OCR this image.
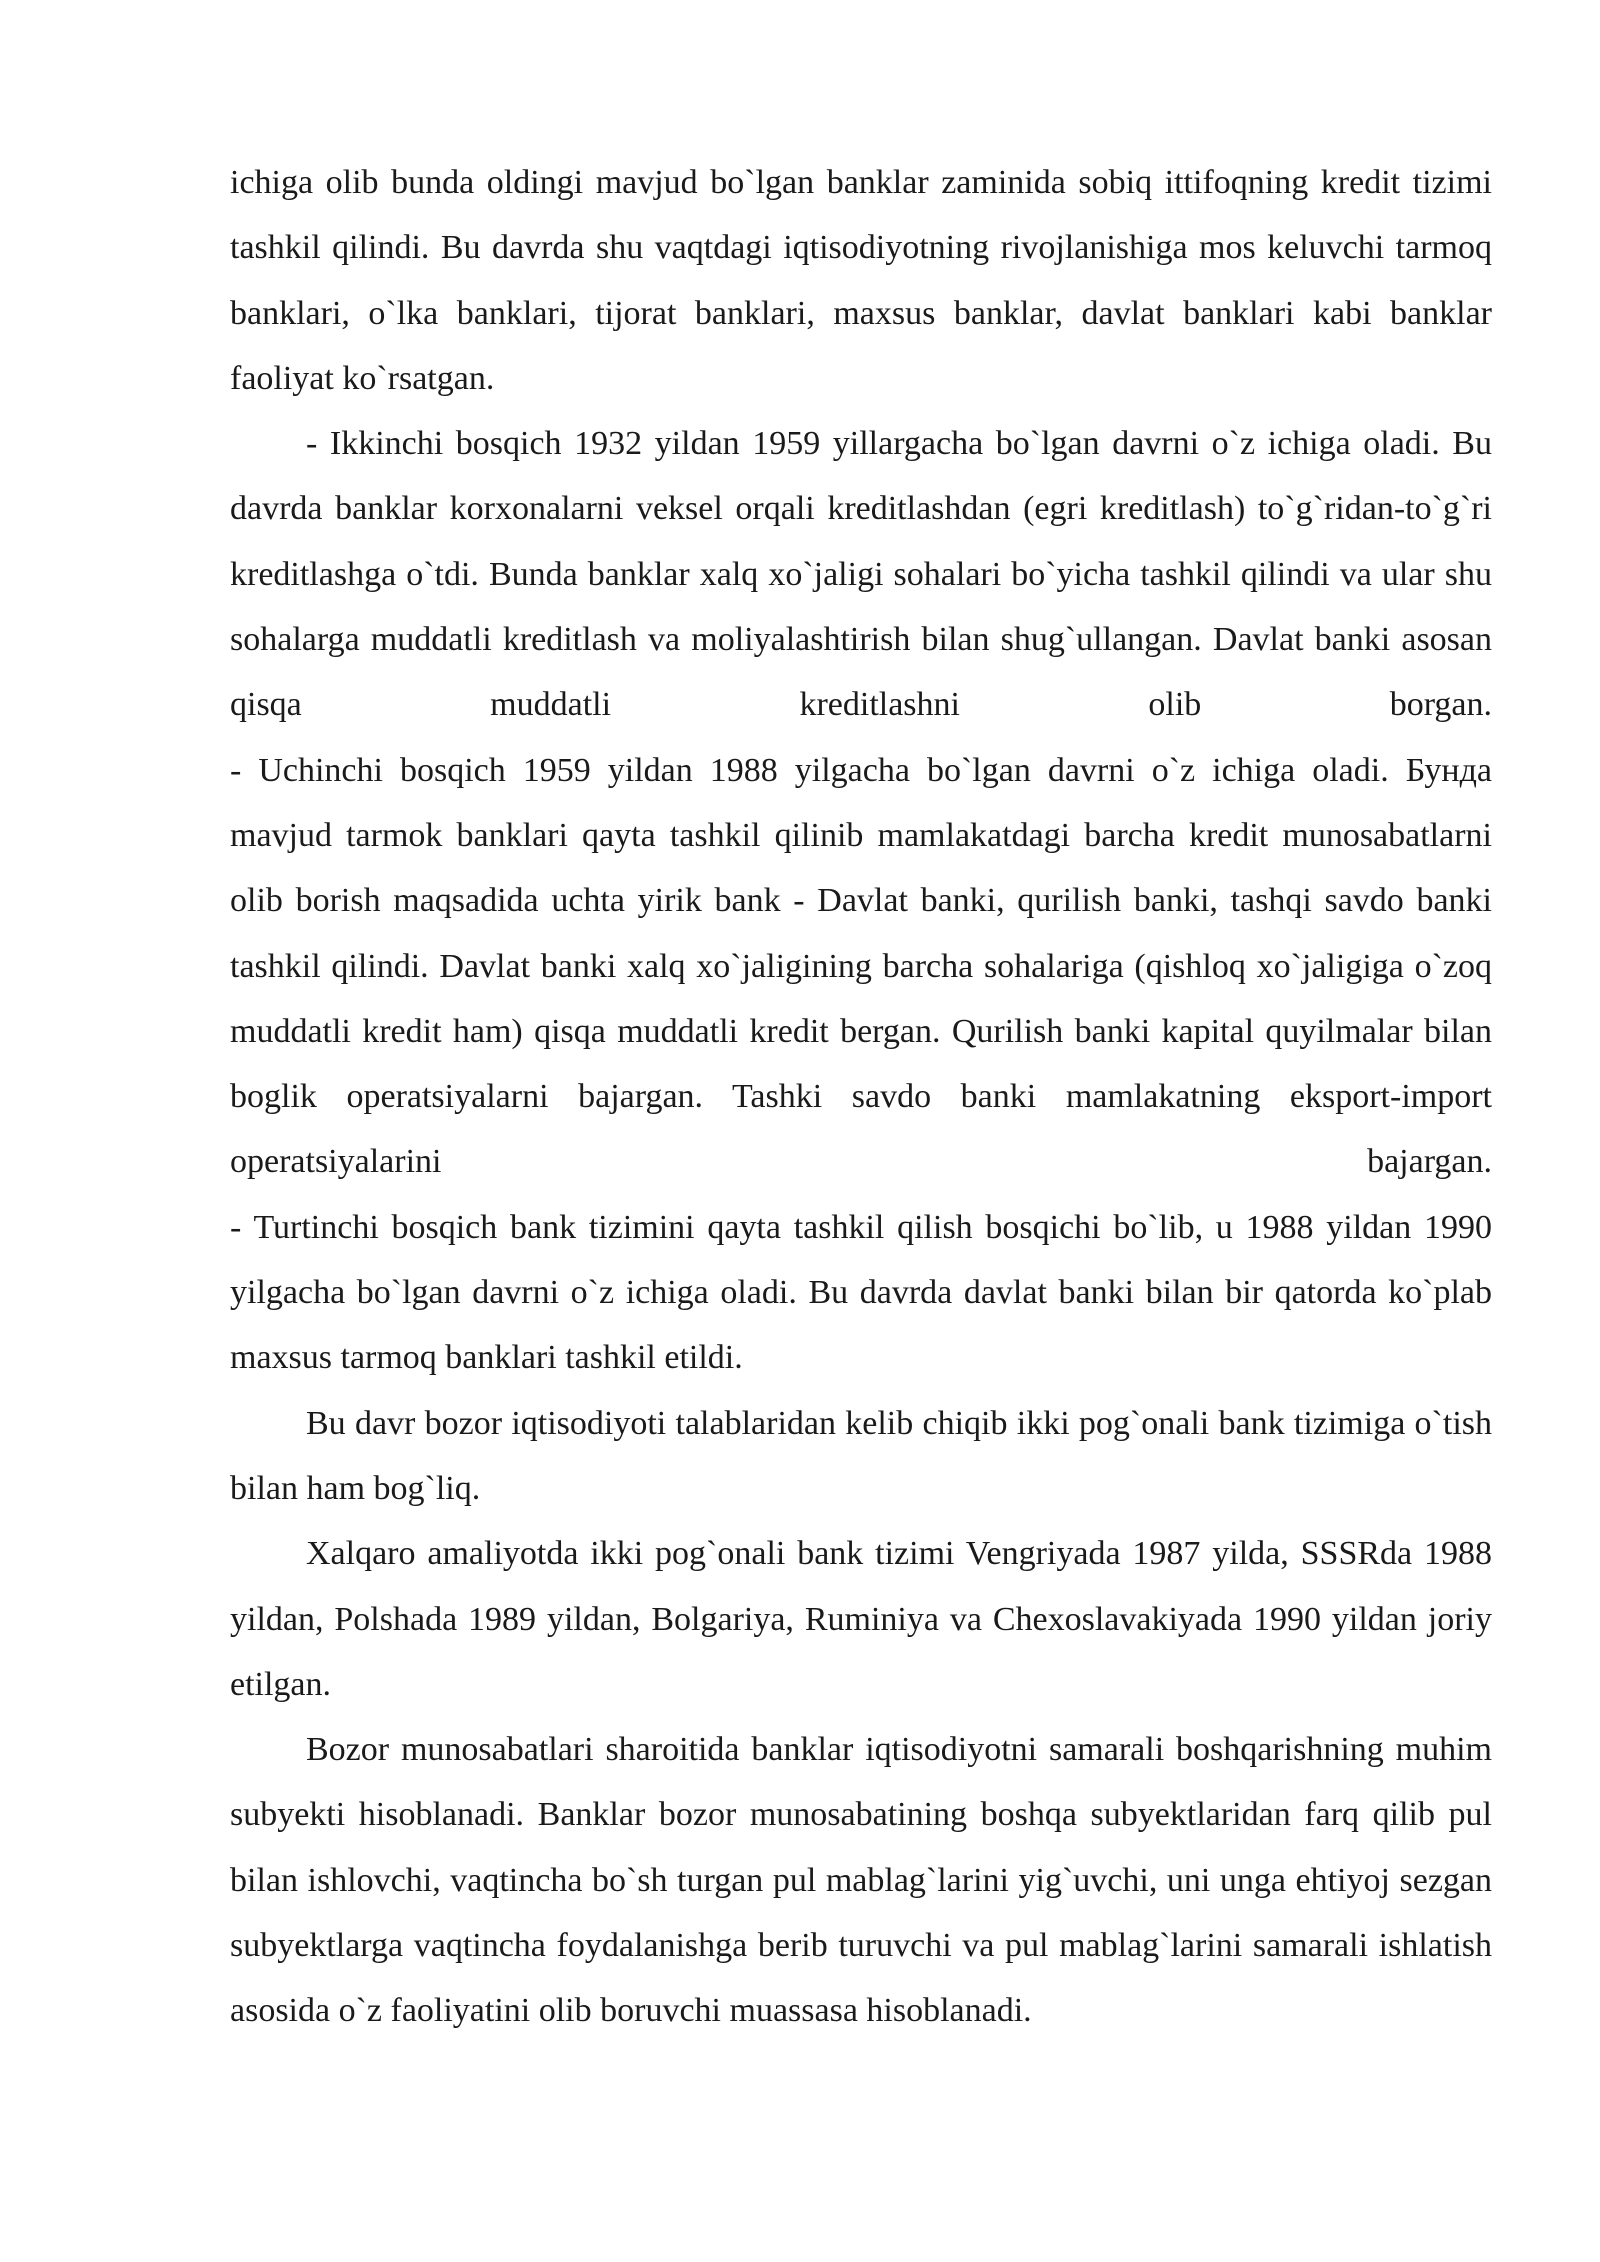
ichiga olib bunda oldingi mavjud bo`lgan banklar zaminida sobiq ittifoqning kredit tizimi tashkil qilindi. Bu davrda shu vaqtdagi iqtisodiyotning rivojlanishiga mos keluvchi tarmoq banklari, o`lka banklari, tijorat banklari, maxsus banklar, davlat banklari kabi banklar faoliyat ko`rsatgan.

- Ikkinchi bosqich 1932 yildan 1959 yillargacha bo`lgan davrni o`z ichiga oladi. Bu davrda banklar korxonalarni veksel orqali kreditlashdan (egri kreditlash) to`g`ridan-to`g`ri kreditlashga o`tdi. Bunda banklar xalq xo`jaligi sohalari bo`yicha tashkil qilindi va ular shu sohalarga muddatli kreditlash va moliyalashtirish bilan shug`ullangan. Davlat banki asosan qisqa muddatli kreditlashni olib borgan.

- Uchinchi bosqich 1959 yildan 1988 yilgacha bo`lgan davrni o`z ichiga oladi. Бунда mavjud tarmok banklari qayta tashkil qilinib mamlakatdagi barcha kredit munosabatlarni olib borish maqsadida uchta yirik bank - Davlat banki, qurilish banki, tashqi savdo banki tashkil qilindi. Davlat banki xalq xo`jaligining barcha sohalariga (qishloq xo`jaligiga o`zoq muddatli kredit ham) qisqa muddatli kredit bergan. Qurilish banki kapital quyilmalar bilan boglik operatsiyalarni bajargan. Tashki savdo banki mamlakatning eksport-import operatsiyalarini bajargan.

- Turtinchi bosqich bank tizimini qayta tashkil qilish bosqichi bo`lib, u 1988 yildan 1990 yilgacha bo`lgan davrni o`z ichiga oladi. Bu davrda davlat banki bilan bir qatorda ko`plab maxsus tarmoq banklari tashkil etildi.

Bu davr bozor iqtisodiyoti talablaridan kelib chiqib ikki pog`onali bank tizimiga o`tish bilan ham bog`liq.

Xalqaro amaliyotda ikki pog`onali bank tizimi Vengriyada 1987 yilda, SSSRda 1988 yildan, Polshada 1989 yildan, Bolgariya, Ruminiya va Chexoslavakiyada 1990 yildan joriy etilgan.

Bozor munosabatlari sharoitida banklar iqtisodiyotni samarali boshqarishning muhim subyekti hisoblanadi. Banklar bozor munosabatining boshqa subyektlaridan farq qilib pul bilan ishlovchi, vaqtincha bo`sh turgan pul mablag`larini yig`uvchi, uni unga ehtiyoj sezgan subyektlarga vaqtincha foydalanishga berib turuvchi va pul mablag`larini samarali ishlatish asosida o`z faoliyatini olib boruvchi muassasa hisoblanadi.
